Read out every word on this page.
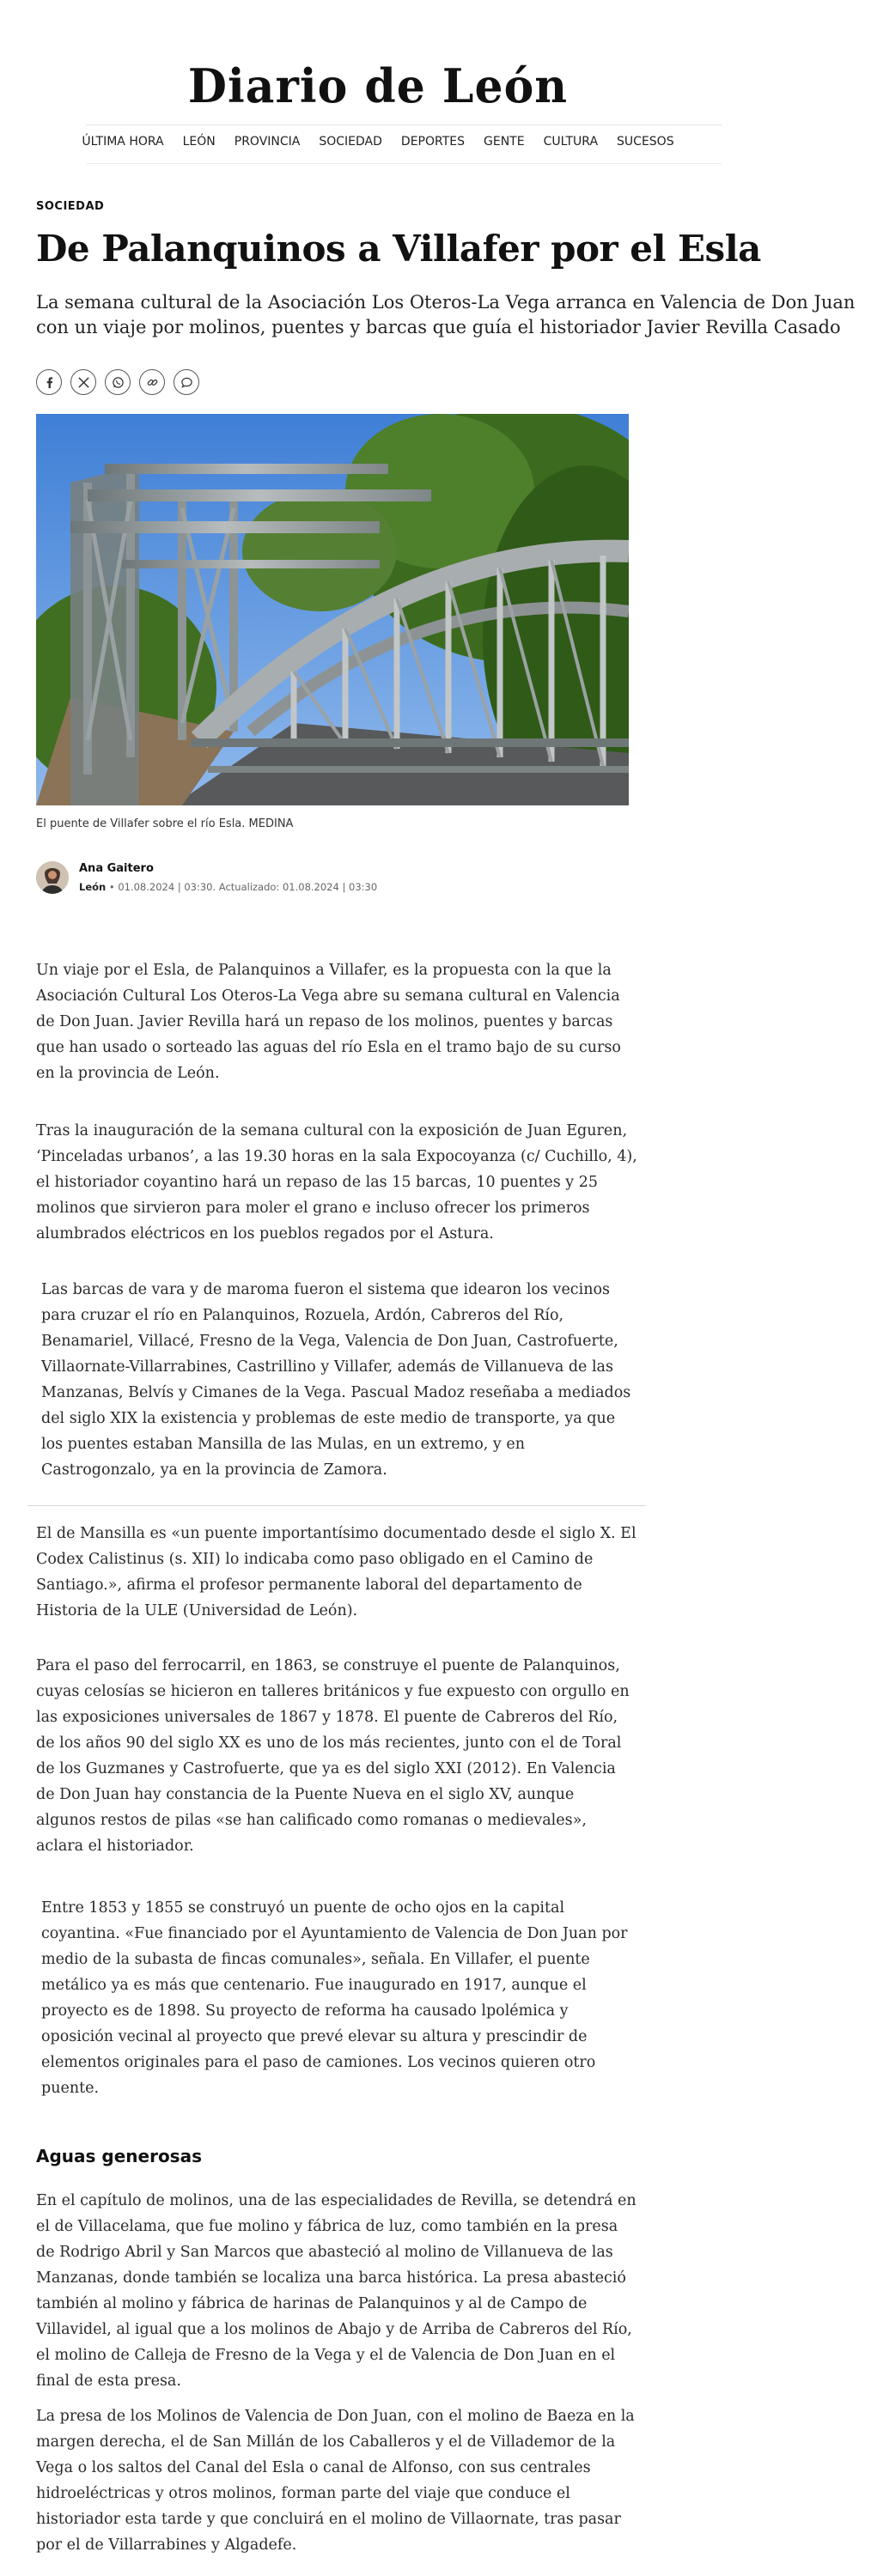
Diario de León
ÚLTIMA HORA LEÓN PROVINCIA SOCIEDAD DEPORTES GENTE CULTURA SUCESOS
SOCIEDAD
De Palanquinos a Villafer por el Esla

La semana cultural de la Asociación Los Oteros-La Vega arranca en Valencia de Don Juan con un viaje por molinos, puentes y barcas que guía el historiador Javier Revilla Casado

El puente de Villafer sobre el río Esla. MEDINA
Ana Gaitero
León • 01.08.2024 | 03:30. Actualizado: 01.08.2024 | 03:30

Un viaje por el Esla, de Palanquinos a Villafer, es la propuesta con la que la Asociación Cultural Los Oteros-La Vega abre su semana cultural en Valencia de Don Juan. Javier Revilla hará un repaso de los molinos, puentes y barcas que han usado o sorteado las aguas del río Esla en el tramo bajo de su curso en la provincia de León.

Tras la inauguración de la semana cultural con la exposición de Juan Eguren, ‘Pinceladas urbanos’, a las 19.30 horas en la sala Expocoyanza (c/ Cuchillo, 4), el historiador coyantino hará un repaso de las 15 barcas, 10 puentes y 25 molinos que sirvieron para moler el grano e incluso ofrecer los primeros alumbrados eléctricos en los pueblos regados por el Astura.

Las barcas de vara y de maroma fueron el sistema que idearon los vecinos para cruzar el río en Palanquinos, Rozuela, Ardón, Cabreros del Río, Benamariel, Villacé, Fresno de la Vega, Valencia de Don Juan, Castrofuerte, Villaornate-Villarrabines, Castrillino y Villafer, además de Villanueva de las Manzanas, Belvís y Cimanes de la Vega. Pascual Madoz reseñaba a mediados del siglo XIX la existencia y problemas de este medio de transporte, ya que los puentes estaban Mansilla de las Mulas, en un extremo, y en Castrogonzalo, ya en la provincia de Zamora.

El de Mansilla es «un puente importantísimo documentado desde el siglo X. El Codex Calistinus (s. XII) lo indicaba como paso obligado en el Camino de Santiago.», afirma el profesor permanente laboral del departamento de Historia de la ULE (Universidad de León).

Para el paso del ferrocarril, en 1863, se construye el puente de Palanquinos, cuyas celosías se hicieron en talleres británicos y fue expuesto con orgullo en las exposiciones universales de 1867 y 1878. El puente de Cabreros del Río, de los años 90 del siglo XX es uno de los más recientes, junto con el de Toral de los Guzmanes y Castrofuerte, que ya es del siglo XXI (2012). En Valencia de Don Juan hay constancia de la Puente Nueva en el siglo XV, aunque algunos restos de pilas «se han calificado como romanas o medievales», aclara el historiador.

Entre 1853 y 1855 se construyó un puente de ocho ojos en la capital coyantina. «Fue financiado por el Ayuntamiento de Valencia de Don Juan por medio de la subasta de fincas comunales», señala. En Villafer, el puente metálico ya es más que centenario. Fue inaugurado en 1917, aunque el proyecto es de 1898. Su proyecto de reforma ha causado lpolémica y oposición vecinal al proyecto que prevé elevar su altura y prescindir de elementos originales para el paso de camiones. Los vecinos quieren otro puente.

Aguas generosas

En el capítulo de molinos, una de las especialidades de Revilla, se detendrá en el de Villacelama, que fue molino y fábrica de luz, como también en la presa de Rodrigo Abril y San Marcos que abasteció al molino de Villanueva de las Manzanas, donde también se localiza una barca histórica. La presa abasteció también al molino y fábrica de harinas de Palanquinos y al de Campo de Villavidel, al igual que a los molinos de Abajo y de Arriba de Cabreros del Río, el molino de Calleja de Fresno de la Vega y el de Valencia de Don Juan en el final de esta presa.

La presa de los Molinos de Valencia de Don Juan, con el molino de Baeza en la margen derecha, el de San Millán de los Caballeros y el de Villademor de la Vega o los saltos del Canal del Esla o canal de Alfonso, con sus centrales hidroeléctricas y otros molinos, forman parte del viaje que conduce el historiador esta tarde y que concluirá en el molino de Villaornate, tras pasar por el de Villarrabines y Algadefe.
